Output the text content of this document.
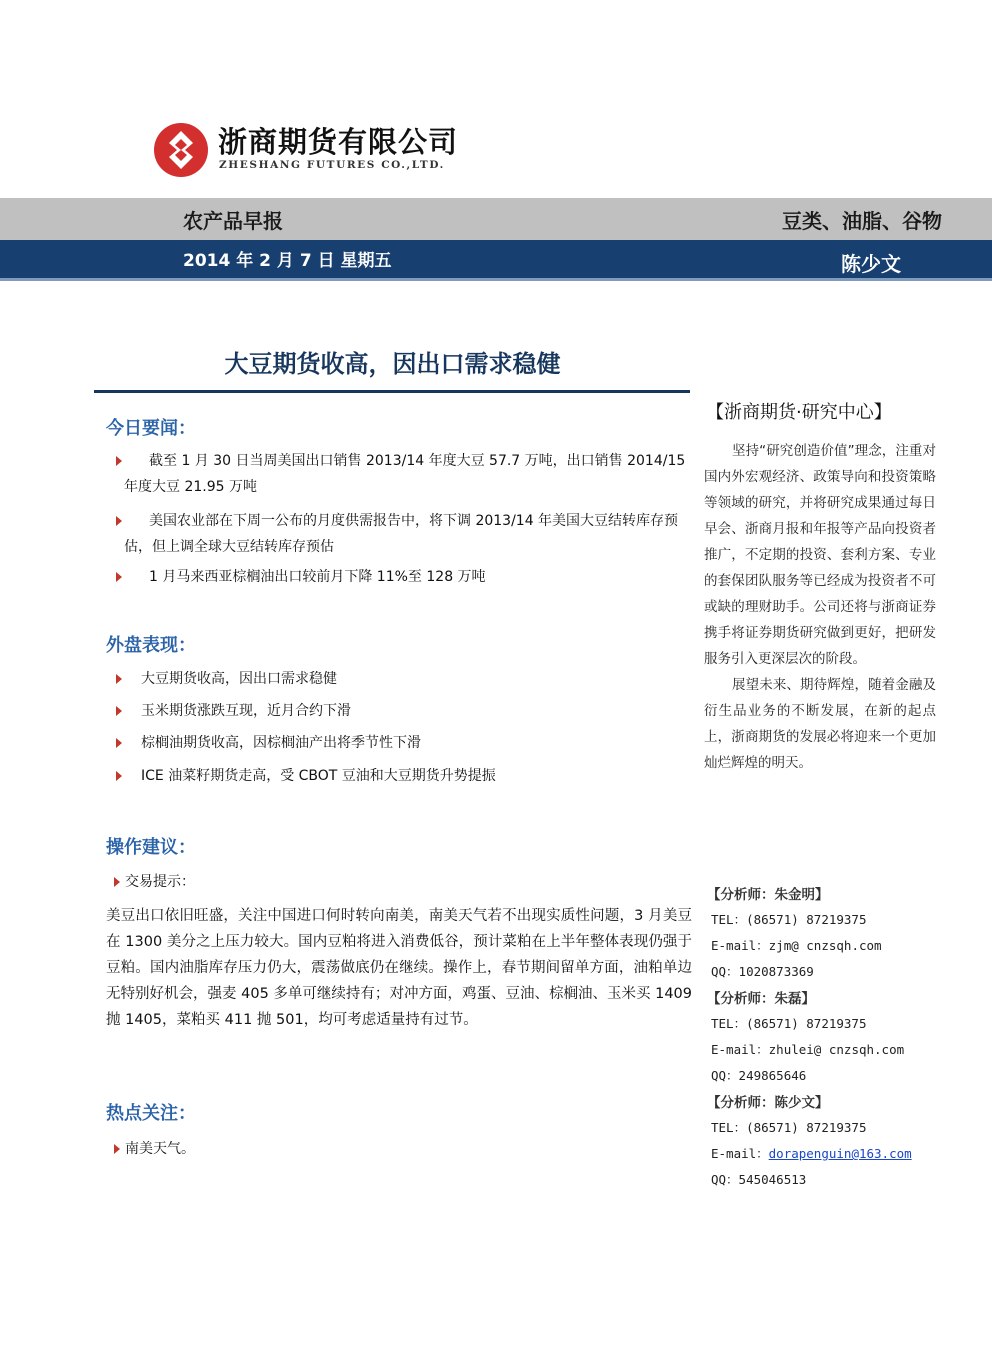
浙商期货有限公司
ZHESHANG FUTURES CO.,LTD.
农产品早报	豆类、油脂、谷物
2014 年 2 月 7 日 星期五	陈少文
大豆期货收高，因出口需求稳健
今日要闻：
截至 1 月 30 日当周美国出口销售 2013/14 年度大豆 57.7 万吨，出口销售 2014/15 年度大豆 21.95 万吨
美国农业部在下周一公布的月度供需报告中，将下调 2013/14 年美国大豆结转库存预估，但上调全球大豆结转库存预估
1 月马来西亚棕榈油出口较前月下降 11%至 128 万吨
外盘表现：
大豆期货收高，因出口需求稳健
玉米期货涨跌互现，近月合约下滑
棕榈油期货收高，因棕榈油产出将季节性下滑
ICE 油菜籽期货走高，受 CBOT 豆油和大豆期货升势提振
操作建议：
交易提示：
美豆出口依旧旺盛，关注中国进口何时转向南美，南美天气若不出现实质性问题，3 月美豆在 1300 美分之上压力较大。国内豆粕将进入消费低谷，预计菜粕在上半年整体表现仍强于豆粕。国内油脂库存压力仍大，震荡做底仍在继续。操作上，春节期间留单方面，油粕单边无特别好机会，强麦 405 多单可继续持有；对冲方面，鸡蛋、豆油、棕榈油、玉米买 1409 抛 1405，菜粕买 411 抛 501，均可考虑适量持有过节。
热点关注：
南美天气。
【浙商期货·研究中心】

坚持“研究创造价值”理念，注重对国内外宏观经济、政策导向和投资策略等领域的研究，并将研究成果通过每日早会、浙商月报和年报等产品向投资者推广，不定期的投资、套利方案、专业的套保团队服务等已经成为投资者不可或缺的理财助手。公司还将与浙商证券携手将证券期货研究做到更好，把研发服务引入更深层次的阶段。

展望未来、期待辉煌，随着金融及衍生品业务的不断发展，在新的起点上，浙商期货的发展必将迎来一个更加灿烂辉煌的明天。

【分析师：朱金明】
TEL：(86571) 87219375
E-mail：zjm@ cnzsqh.com
QQ：1020873369
【分析师：朱磊】
TEL：(86571) 87219375
E-mail：zhulei@ cnzsqh.com
QQ：249865646
【分析师：陈少文】
TEL：(86571) 87219375
E-mail：dorapenguin@163.com
QQ：545046513
